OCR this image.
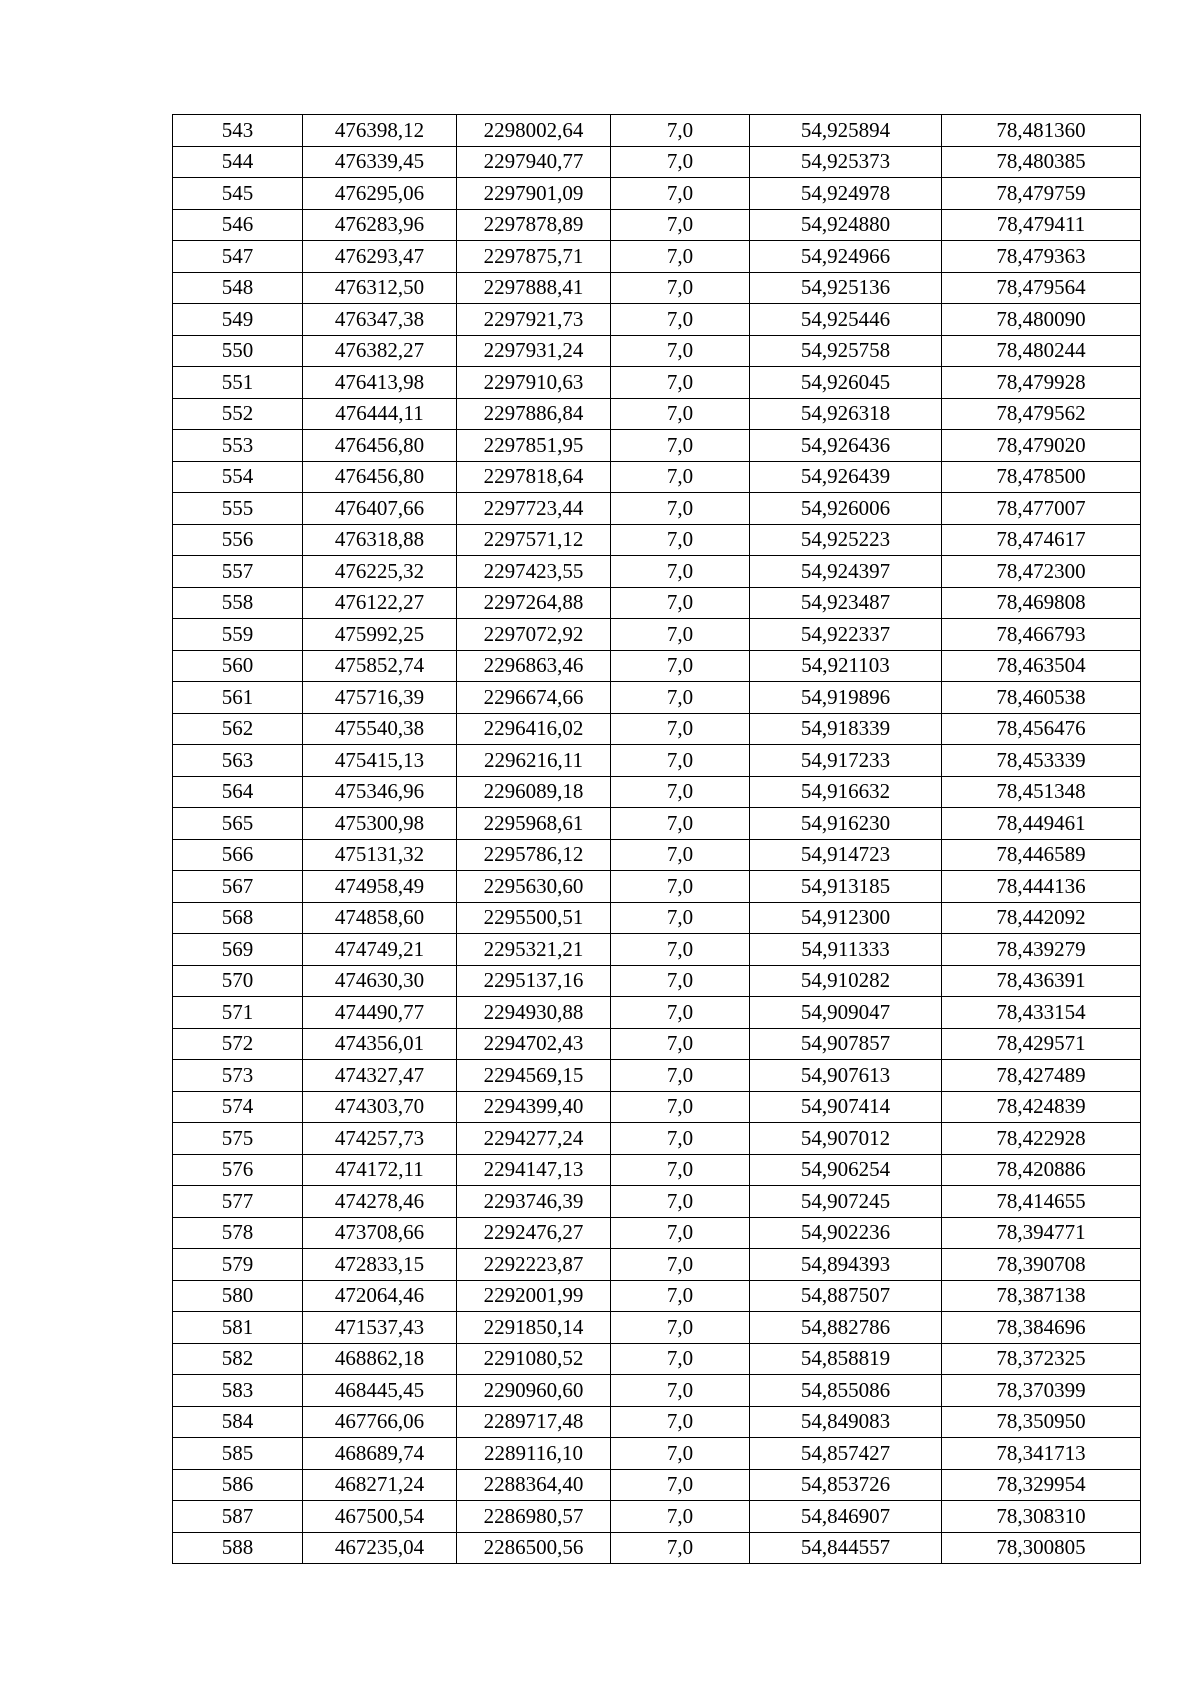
543	476398,12	2298002,64	7,0	54,925894	78,481360
544	476339,45	2297940,77	7,0	54,925373	78,480385
545	476295,06	2297901,09	7,0	54,924978	78,479759
546	476283,96	2297878,89	7,0	54,924880	78,479411
547	476293,47	2297875,71	7,0	54,924966	78,479363
548	476312,50	2297888,41	7,0	54,925136	78,479564
549	476347,38	2297921,73	7,0	54,925446	78,480090
550	476382,27	2297931,24	7,0	54,925758	78,480244
551	476413,98	2297910,63	7,0	54,926045	78,479928
552	476444,11	2297886,84	7,0	54,926318	78,479562
553	476456,80	2297851,95	7,0	54,926436	78,479020
554	476456,80	2297818,64	7,0	54,926439	78,478500
555	476407,66	2297723,44	7,0	54,926006	78,477007
556	476318,88	2297571,12	7,0	54,925223	78,474617
557	476225,32	2297423,55	7,0	54,924397	78,472300
558	476122,27	2297264,88	7,0	54,923487	78,469808
559	475992,25	2297072,92	7,0	54,922337	78,466793
560	475852,74	2296863,46	7,0	54,921103	78,463504
561	475716,39	2296674,66	7,0	54,919896	78,460538
562	475540,38	2296416,02	7,0	54,918339	78,456476
563	475415,13	2296216,11	7,0	54,917233	78,453339
564	475346,96	2296089,18	7,0	54,916632	78,451348
565	475300,98	2295968,61	7,0	54,916230	78,449461
566	475131,32	2295786,12	7,0	54,914723	78,446589
567	474958,49	2295630,60	7,0	54,913185	78,444136
568	474858,60	2295500,51	7,0	54,912300	78,442092
569	474749,21	2295321,21	7,0	54,911333	78,439279
570	474630,30	2295137,16	7,0	54,910282	78,436391
571	474490,77	2294930,88	7,0	54,909047	78,433154
572	474356,01	2294702,43	7,0	54,907857	78,429571
573	474327,47	2294569,15	7,0	54,907613	78,427489
574	474303,70	2294399,40	7,0	54,907414	78,424839
575	474257,73	2294277,24	7,0	54,907012	78,422928
576	474172,11	2294147,13	7,0	54,906254	78,420886
577	474278,46	2293746,39	7,0	54,907245	78,414655
578	473708,66	2292476,27	7,0	54,902236	78,394771
579	472833,15	2292223,87	7,0	54,894393	78,390708
580	472064,46	2292001,99	7,0	54,887507	78,387138
581	471537,43	2291850,14	7,0	54,882786	78,384696
582	468862,18	2291080,52	7,0	54,858819	78,372325
583	468445,45	2290960,60	7,0	54,855086	78,370399
584	467766,06	2289717,48	7,0	54,849083	78,350950
585	468689,74	2289116,10	7,0	54,857427	78,341713
586	468271,24	2288364,40	7,0	54,853726	78,329954
587	467500,54	2286980,57	7,0	54,846907	78,308310
588	467235,04	2286500,56	7,0	54,844557	78,300805
